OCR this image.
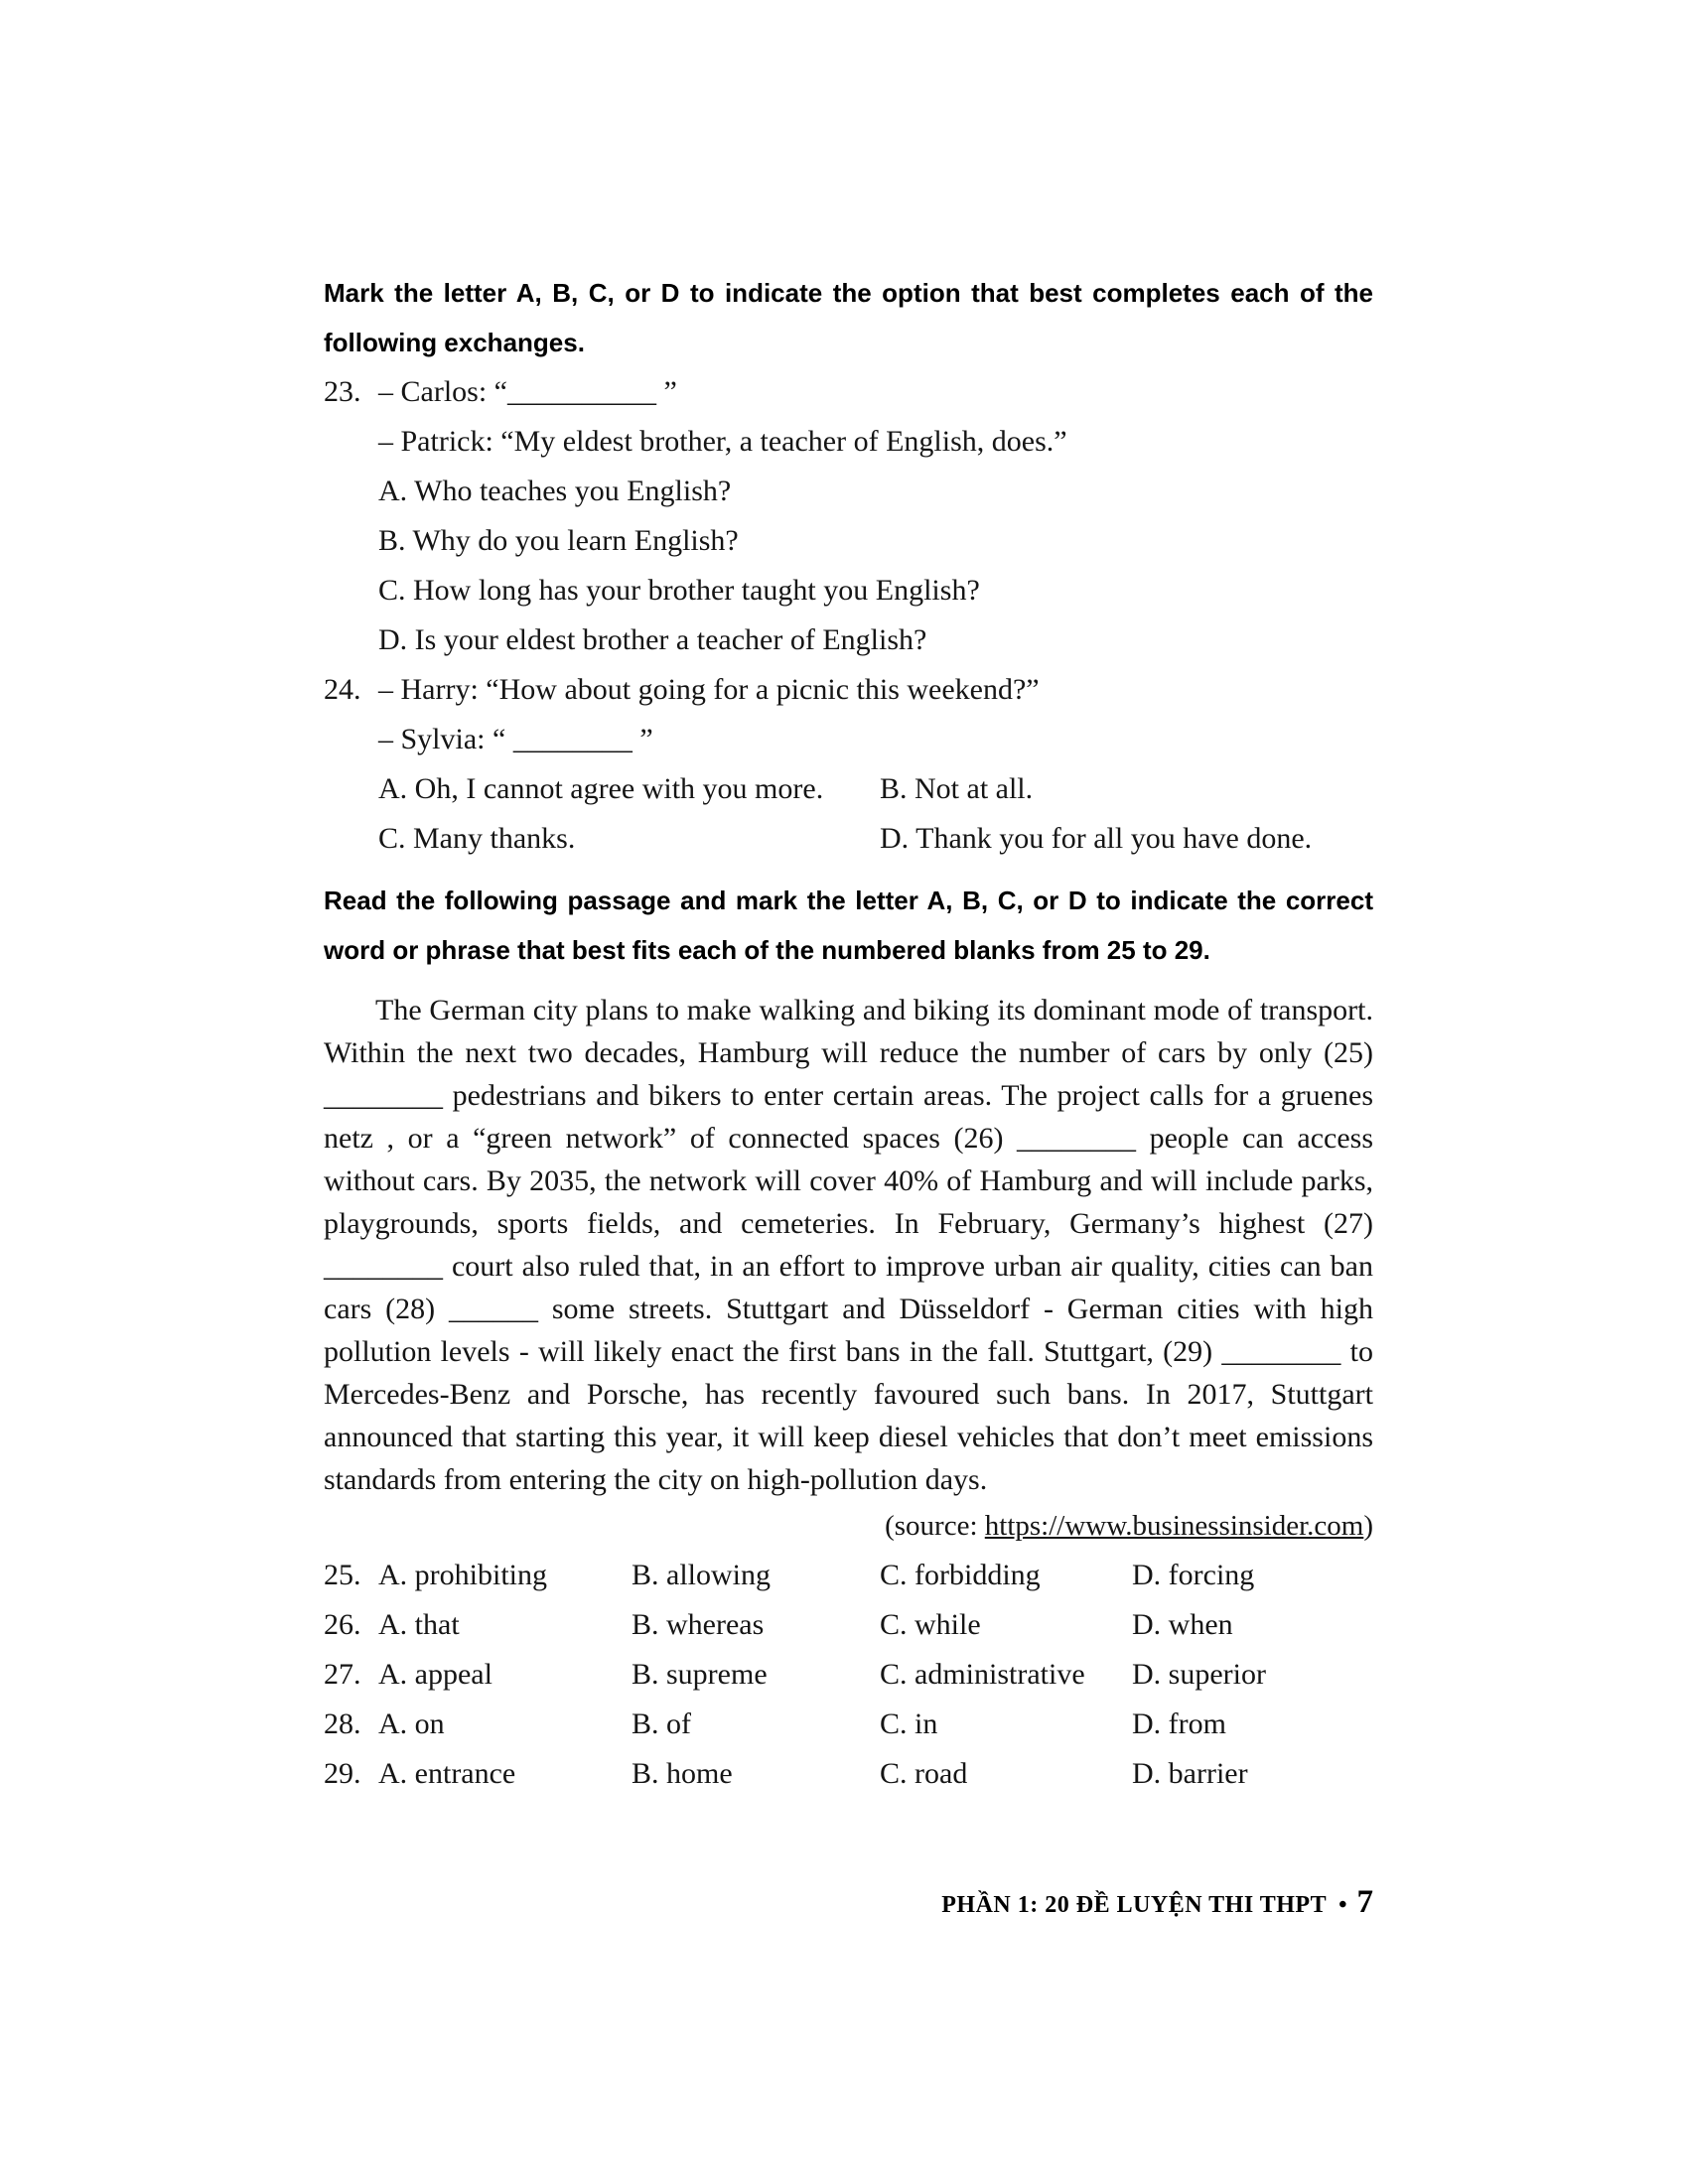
Mark the letter A, B, C, or D to indicate the option that best completes each of the following exchanges.

23. – Carlos: “__________ ”
– Patrick: “My eldest brother, a teacher of English, does.”
A. Who teaches you English?
B. Why do you learn English?
C. How long has your brother taught you English?
D. Is your eldest brother a teacher of English?
24. – Harry: “How about going for a picnic this weekend?”
– Sylvia: “ ________ ”
A. Oh, I cannot agree with you more.	B. Not at all.
C. Many thanks.	D. Thank you for all you have done.

Read the following passage and mark the letter A, B, C, or D to indicate the correct word or phrase that best fits each of the numbered blanks from 25 to 29.

The German city plans to make walking and biking its dominant mode of transport. Within the next two decades, Hamburg will reduce the number of cars by only (25) ________ pedestrians and bikers to enter certain areas. The project calls for a gruenes netz , or a “green network” of connected spaces (26) ________ people can access without cars. By 2035, the network will cover 40% of Hamburg and will include parks, playgrounds, sports fields, and cemeteries. In February, Germany’s highest (27) ________ court also ruled that, in an effort to improve urban air quality, cities can ban cars (28) ______ some streets. Stuttgart and Düsseldorf - German cities with high pollution levels - will likely enact the first bans in the fall. Stuttgart, (29) ________ to Mercedes-Benz and Porsche, has recently favoured such bans. In 2017, Stuttgart announced that starting this year, it will keep diesel vehicles that don’t meet emissions standards from entering the city on high-pollution days.

(source: https://www.businessinsider.com)
25. A. prohibiting	B. allowing	C. forbidding	D. forcing
26. A. that	B. whereas	C. while	D. when
27. A. appeal	B. supreme	C. administrative	D. superior
28. A. on	B. of	C. in	D. from
29. A. entrance	B. home	C. road	D. barrier
PHẦN 1: 20 ĐỀ LUYỆN THI THPT • 7
